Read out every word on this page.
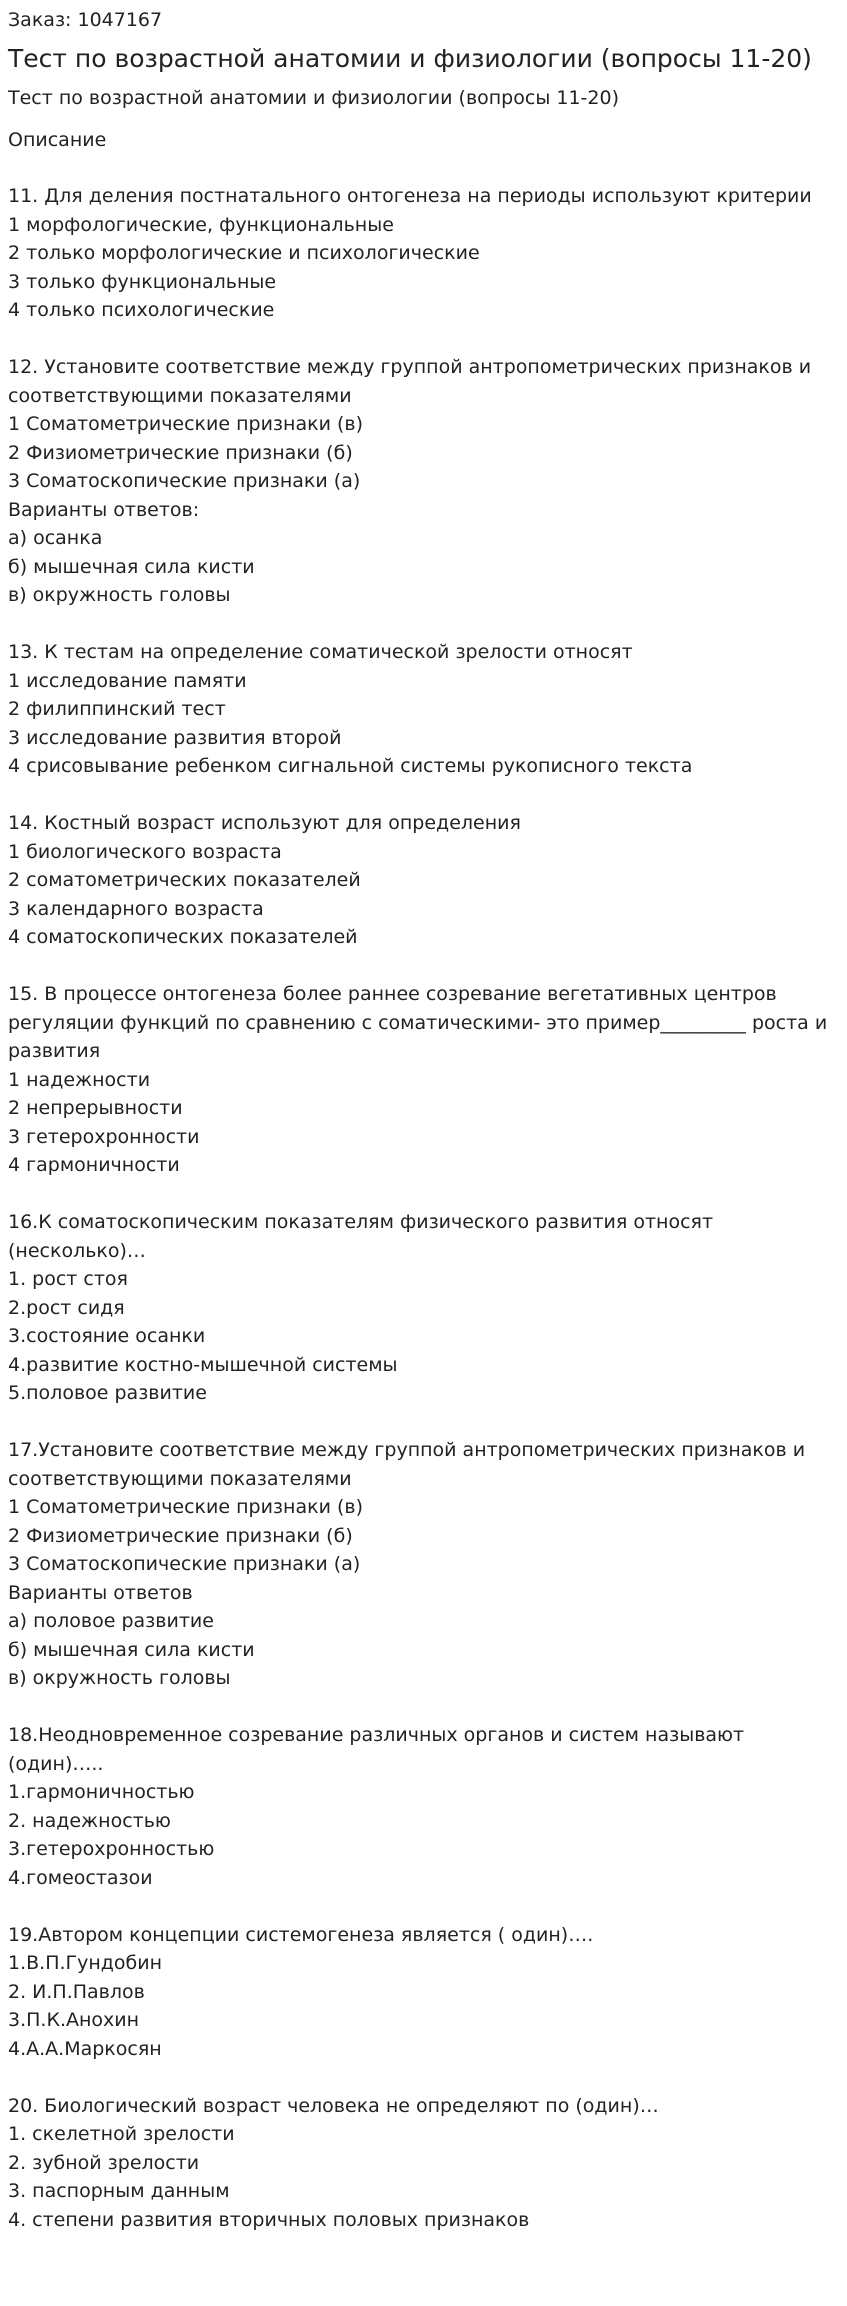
Заказ: 1047167
Тест по возрастной анатомии и физиологии (вопросы 11-20)
Тест по возрастной анатомии и физиологии (вопросы 11-20)
Описание
11. Для деления постнатального онтогенеза на периоды используют критерии
1 морфологические, функциональные
2 только морфологические и психологические
3 только функциональные
4 только психологические
12. Установите соответствие между группой антропометрических признаков и соответствующими показателями
1 Соматометрические признаки (в)
2 Физиометрические признаки (б)
3 Соматоскопические признаки (а)
Варианты ответов:
а) осанка
б) мышечная сила кисти
в) окружность головы
13. К тестам на определение соматической зрелости относят
1 исследование памяти
2 филиппинский тест
3 исследование развития второй
4 срисовывание ребенком сигнальной системы рукописного текста
14. Костный возраст используют для определения
1 биологического возраста
2 соматометрических показателей
3 календарного возраста
4 соматоскопических показателей
15. В процессе онтогенеза более раннее созревание вегетативных центров регуляции функций по сравнению с соматическими- это пример_________ роста и развития
1 надежности
2 непрерывности
3 гетерохронности
4 гармоничности
16.К соматоскопическим показателям физического развития относят (несколько)…
1. рост стоя
2.рост сидя
3.состояние осанки
4.развитие костно-мышечной системы
5.половое развитие
17.Установите соответствие между группой антропометрических признаков и соответствующими показателями
1 Соматометрические признаки (в)
2 Физиометрические признаки (б)
3 Соматоскопические признаки (а)
Варианты ответов
а) половое развитие
б) мышечная сила кисти
в) окружность головы
18.Неодновременное созревание различных органов и систем называют (один)…..
1.гармоничностью
2. надежностью
3.гетерохронностью
4.гомеостазои
19.Автором концепции системогенеза является ( один)….
1.В.П.Гундобин
2. И.П.Павлов
3.П.К.Анохин
4.А.А.Маркосян
20. Биологический возраст человека не определяют по (один)…
1. скелетной зрелости
2. зубной зрелости
3. паспорным данным
4. степени развития вторичных половых признаков
